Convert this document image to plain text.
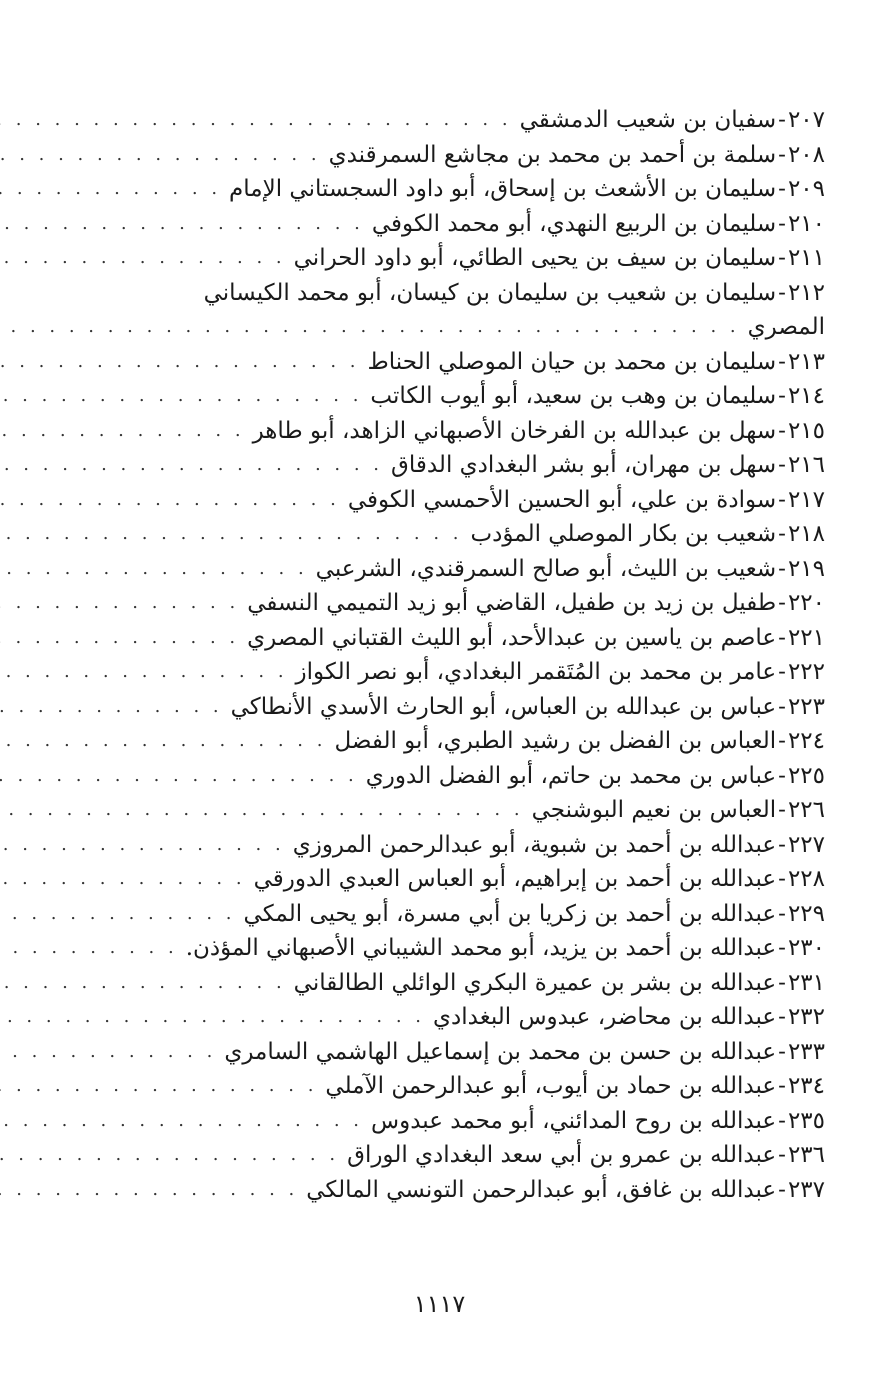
٢٠٧
-
سفيان بن شعيب الدمشقي
. . .
٢٠٨
-
سلمة بن أحمد بن محمد بن مجاشع السمرقندي
. . .
٢٠٩
-
سليمان بن الأشعث بن إسحاق، أبو داود السجستاني الإمام
. . .
٢١٠
-
سليمان بن الربيع النهدي، أبو محمد الكوفي
. . .
٢١١
-
سليمان بن سيف بن يحيى الطائي، أبو داود الحراني
. . .
٢١٢
-
سليمان بن شعيب بن سليمان بن كيسان، أبو محمد الكيساني
المصري
. . .
٢١٣
-
سليمان بن محمد بن حيان الموصلي الحناط
. . .
٢١٤
-
سليمان بن وهب بن سعيد، أبو أيوب الكاتب
. . .
٢١٥
-
سهل بن عبدالله بن الفرخان الأصبهاني الزاهد، أبو طاهر
. . .
٢١٦
-
سهل بن مهران، أبو بشر البغدادي الدقاق
. . .
٢١٧
-
سوادة بن علي، أبو الحسين الأحمسي الكوفي
. . .
٢١٨
-
شعيب بن بكار الموصلي المؤدب
. . .
٢١٩
-
شعيب بن الليث، أبو صالح السمرقندي، الشرعبي
. . .
٢٢٠
-
طفيل بن زيد بن طفيل، القاضي أبو زيد التميمي النسفي
. . .
٢٢١
-
عاصم بن ياسين بن عبدالأحد، أبو الليث القتباني المصري
. . .
٢٢٢
-
عامر بن محمد بن المُتَقمر البغدادي، أبو نصر الكواز
. . .
٢٢٣
-
عباس بن عبدالله بن العباس، أبو الحارث الأسدي الأنطاكي
. . .
٢٢٤
-
العباس بن الفضل بن رشيد الطبري، أبو الفضل
. . .
٢٢٥
-
عباس بن محمد بن حاتم، أبو الفضل الدوري
. . .
٢٢٦
-
العباس بن نعيم البوشنجي
. . .
٢٢٧
-
عبدالله بن أحمد بن شبوية، أبو عبدالرحمن المروزي
. . .
٢٢٨
-
عبدالله بن أحمد بن إبراهيم، أبو العباس العبدي الدورقي
. . .
٢٢٩
-
عبدالله بن أحمد بن زكريا بن أبي مسرة، أبو يحيى المكي
. . .
٢٣٠
-
عبدالله بن أحمد بن يزيد، أبو محمد الشيباني الأصبهاني المؤذن.
. . .
٢٣١
-
عبدالله بن بشر بن عميرة البكري الوائلي الطالقاني
. . .
٢٣٢
-
عبدالله بن محاضر، عبدوس البغدادي
. . .
٢٣٣
-
عبدالله بن حسن بن محمد بن إسماعيل الهاشمي السامري
. . .
٢٣٤
-
عبدالله بن حماد بن أيوب، أبو عبدالرحمن الآملي
. . .
٢٣٥
-
عبدالله بن روح المدائني، أبو محمد عبدوس
. . .
٢٣٦
-
عبدالله بن عمرو بن أبي سعد البغدادي الوراق
. . .
٢٣٧
-
عبدالله بن غافق، أبو عبدالرحمن التونسي المالكي
. . .
١١١٧
